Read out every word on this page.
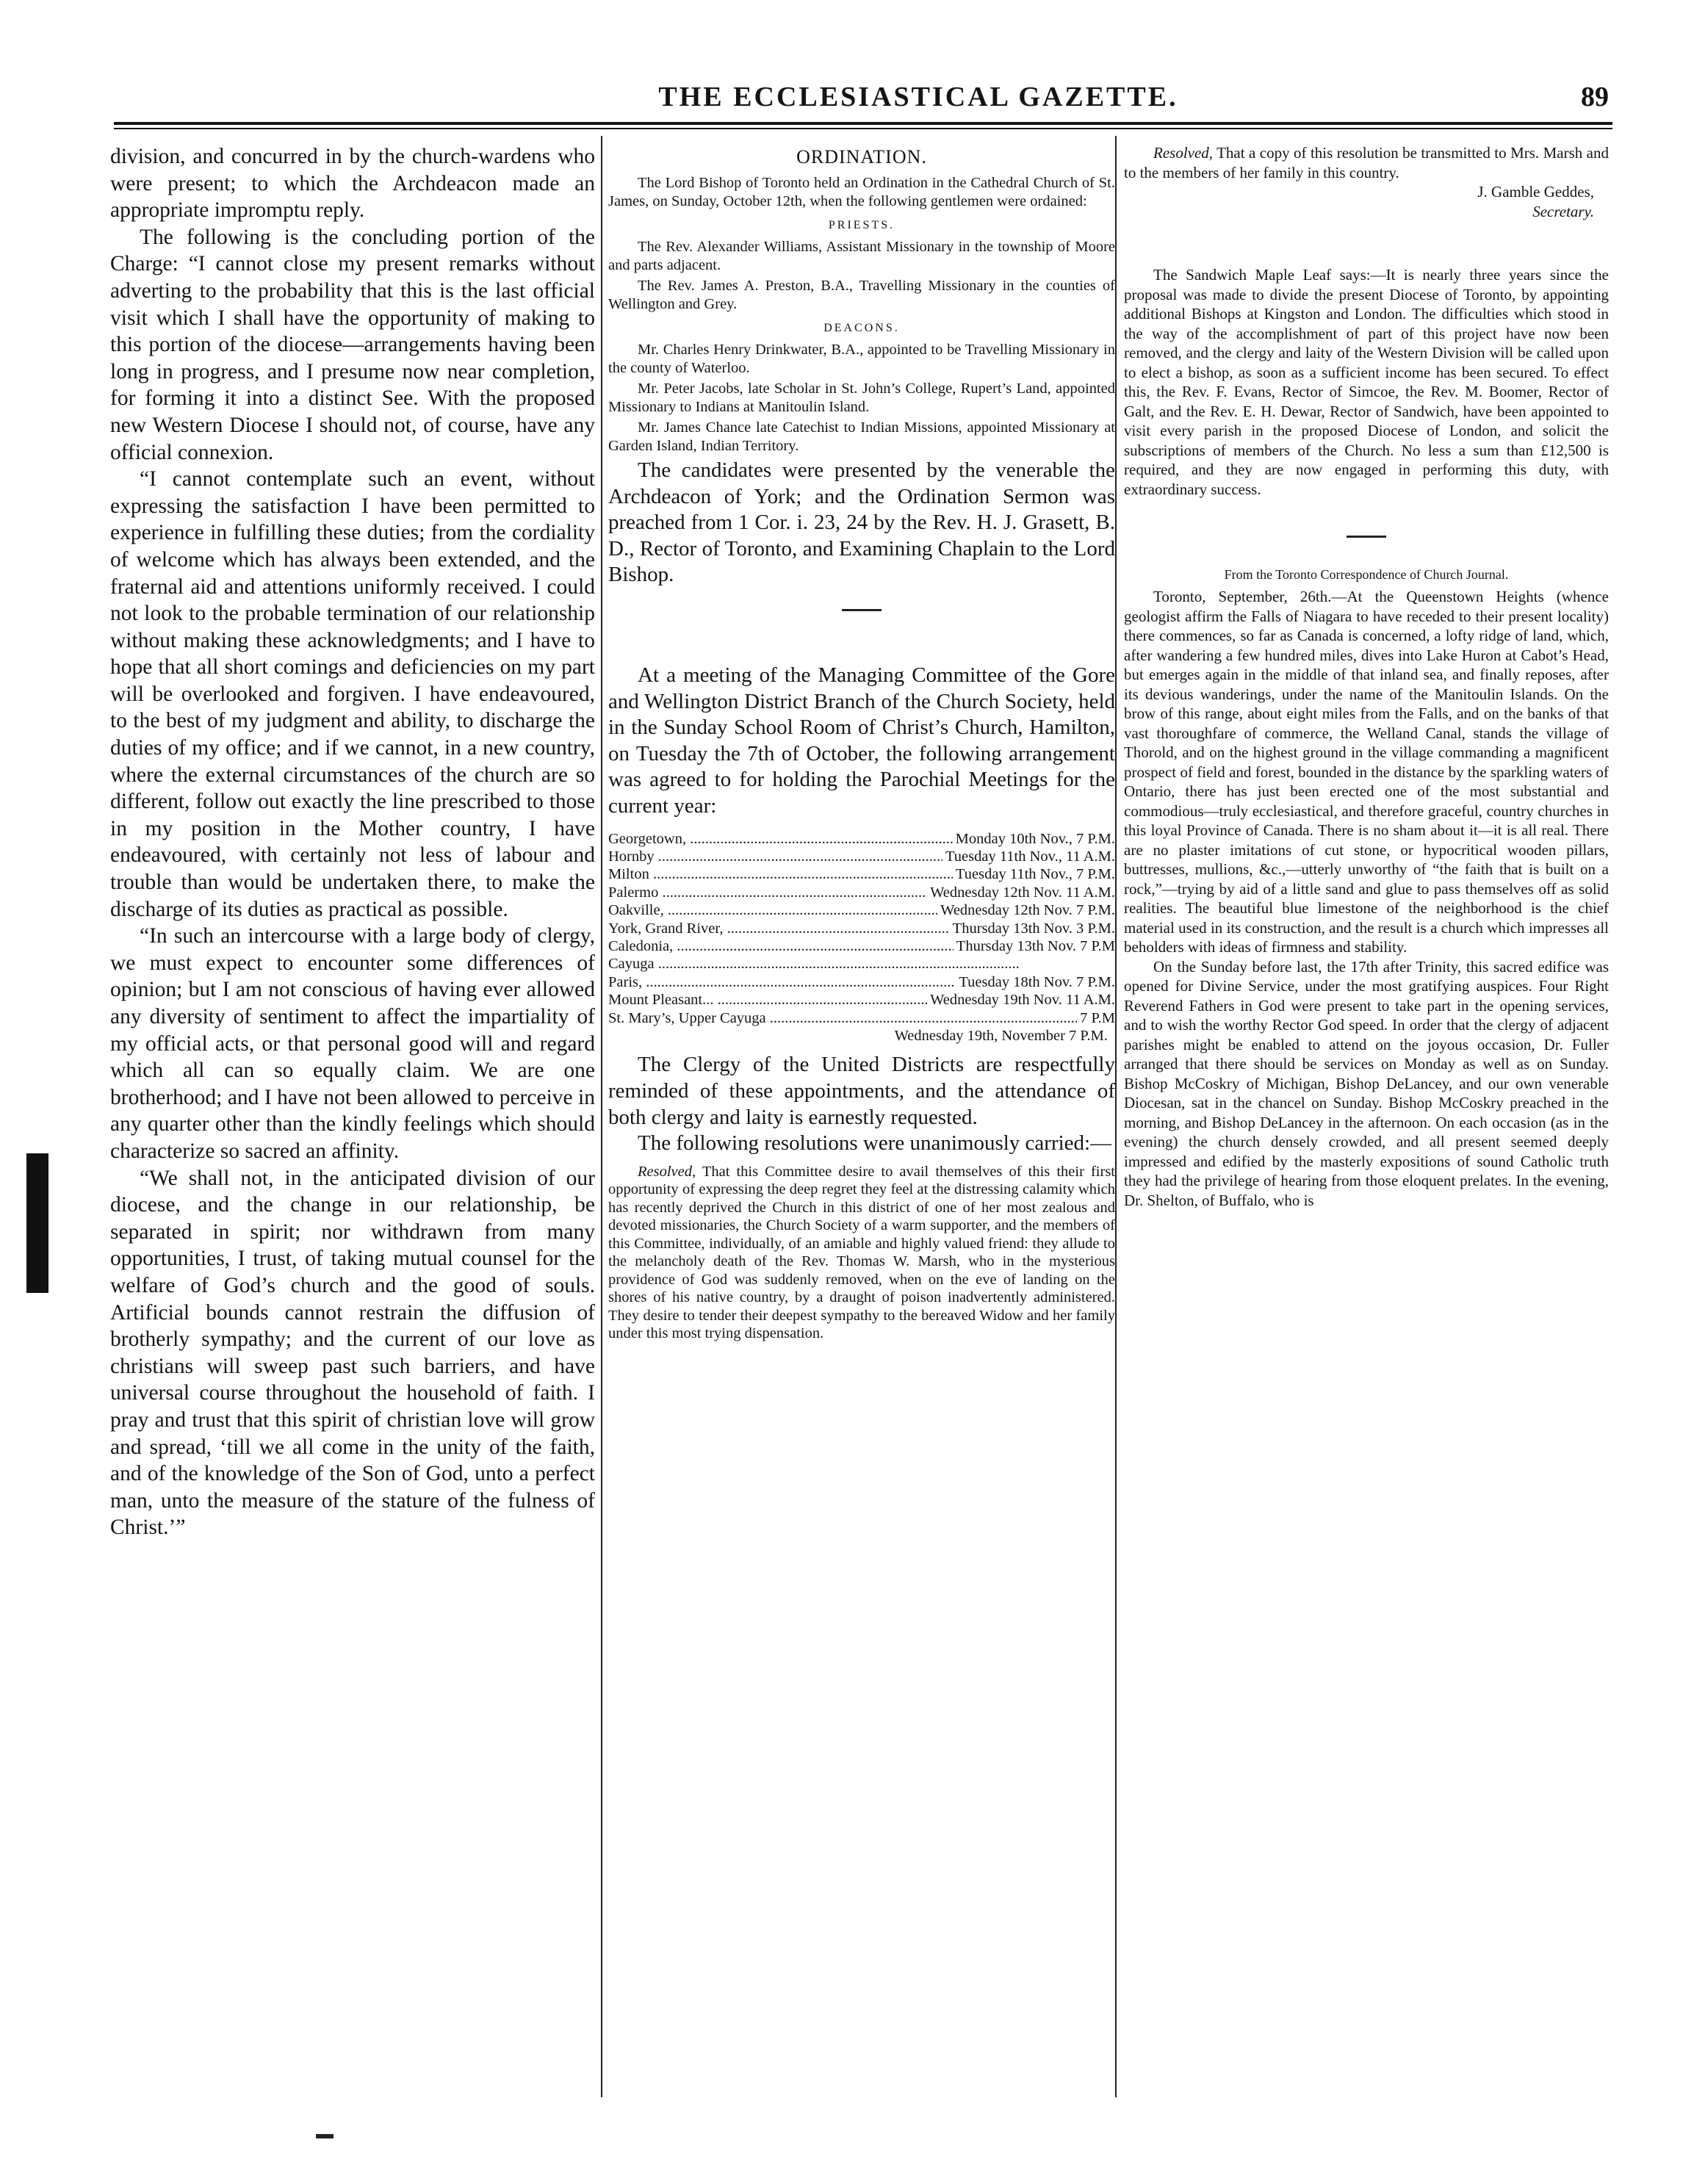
THE ECCLESIASTICAL GAZETTE.	89

division, and concurred in by the church-wardens who were present; to which the Archdeacon made an appropriate impromptu reply.

The following is the concluding portion of the Charge: “I cannot close my present remarks without adverting to the probability that this is the last official visit which I shall have the opportunity of making to this portion of the diocese—arrangements having been long in progress, and I presume now near completion, for forming it into a distinct See. With the proposed new Western Diocese I should not, of course, have any official connexion.

“I cannot contemplate such an event, without expressing the satisfaction I have been permitted to experience in fulfilling these duties; from the cordiality of welcome which has always been extended, and the fraternal aid and attentions uniformly received. I could not look to the probable termination of our relationship without making these acknowledgments; and I have to hope that all short comings and deficiencies on my part will be overlooked and forgiven. I have endeavoured, to the best of my judgment and ability, to discharge the duties of my office; and if we cannot, in a new country, where the external circumstances of the church are so different, follow out exactly the line prescribed to those in my position in the Mother country, I have endeavoured, with certainly not less of labour and trouble than would be undertaken there, to make the discharge of its duties as practical as possible.

“In such an intercourse with a large body of clergy, we must expect to encounter some differences of opinion; but I am not conscious of having ever allowed any diversity of sentiment to affect the impartiality of my official acts, or that personal good will and regard which all can so equally claim. We are one brotherhood; and I have not been allowed to perceive in any quarter other than the kindly feelings which should characterize so sacred an affinity.

“We shall not, in the anticipated division of our diocese, and the change in our relationship, be separated in spirit; nor withdrawn from many opportunities, I trust, of taking mutual counsel for the welfare of God’s church and the good of souls. Artificial bounds cannot restrain the diffusion of brotherly sympathy; and the current of our love as christians will sweep past such barriers, and have universal course throughout the household of faith. I pray and trust that this spirit of christian love will grow and spread, ‘till we all come in the unity of the faith, and of the knowledge of the Son of God, unto a perfect man, unto the measure of the stature of the fulness of Christ.’”

ORDINATION.

The Lord Bishop of Toronto held an Ordination in the Cathedral Church of St. James, on Sunday, October 12th, when the following gentlemen were ordained:

PRIESTS.

The Rev. Alexander Williams, Assistant Missionary in the township of Moore and parts adjacent.

The Rev. James A. Preston, B.A., Travelling Missionary in the counties of Wellington and Grey.

DEACONS.

Mr. Charles Henry Drinkwater, B.A., appointed to be Travelling Missionary in the county of Waterloo.

Mr. Peter Jacobs, late Scholar in St. John’s College, Rupert’s Land, appointed Missionary to Indians at Manitoulin Island.

Mr. James Chance late Catechist to Indian Missions, appointed Missionary at Garden Island, Indian Territory.

The candidates were presented by the venerable the Archdeacon of York; and the Ordination Sermon was preached from 1 Cor. i. 23, 24 by the Rev. H. J. Grasett, B. D., Rector of Toronto, and Examining Chaplain to the Lord Bishop.

At a meeting of the Managing Committee of the Gore and Wellington District Branch of the Church Society, held in the Sunday School Room of Christ’s Church, Hamilton, on Tuesday the 7th of October, the following arrangement was agreed to for holding the Parochial Meetings for the current year:

Georgetown, .....	Monday 10th Nov., 7 P.M.
Hornby .....	Tuesday 11th Nov., 11 A.M.
Milton .....	Tuesday 11th Nov., 7 P.M.
Palermo .....	Wednesday 12th Nov. 11 A.M.
Oakville, .....	Wednesday 12th Nov. 7 P.M.
York, Grand River, .....	Thursday 13th Nov. 3 P.M.
Caledonia, .....	Thursday 13th Nov. 7 P.M
Cayuga .....
Paris, .....	Tuesday 18th Nov. 7 P.M.
Mount Pleasant... .....	Wednesday 19th Nov. 11 A.M.
St. Mary’s, Upper Cayuga .....	7 P.M
Wednesday 19th, November 7 P.M.

The Clergy of the United Districts are respectfully reminded of these appointments, and the attendance of both clergy and laity is earnestly requested.

The following resolutions were unanimously carried:—

Resolved, That this Committee desire to avail themselves of this their first opportunity of expressing the deep regret they feel at the distressing calamity which has recently deprived the Church in this district of one of her most zealous and devoted missionaries, the Church Society of a warm supporter, and the members of this Committee, individually, of an amiable and highly valued friend: they allude to the melancholy death of the Rev. Thomas W. Marsh, who in the mysterious providence of God was suddenly removed, when on the eve of landing on the shores of his native country, by a draught of poison inadvertently administered. They desire to tender their deepest sympathy to the bereaved Widow and her family under this most trying dispensation.

Resolved, That a copy of this resolution be transmitted to Mrs. Marsh and to the members of her family in this country.

J. Gamble Geddes,
Secretary.

The Sandwich Maple Leaf says:—It is nearly three years since the proposal was made to divide the present Diocese of Toronto, by appointing additional Bishops at Kingston and London. The difficulties which stood in the way of the accomplishment of part of this project have now been removed, and the clergy and laity of the Western Division will be called upon to elect a bishop, as soon as a sufficient income has been secured. To effect this, the Rev. F. Evans, Rector of Simcoe, the Rev. M. Boomer, Rector of Galt, and the Rev. E. H. Dewar, Rector of Sandwich, have been appointed to visit every parish in the proposed Diocese of London, and solicit the subscriptions of members of the Church. No less a sum than £12,500 is required, and they are now engaged in performing this duty, with extraordinary success.

From the Toronto Correspondence of Church Journal.

Toronto, September, 26th.—At the Queenstown Heights (whence geologist affirm the Falls of Niagara to have receded to their present locality) there commences, so far as Canada is concerned, a lofty ridge of land, which, after wandering a few hundred miles, dives into Lake Huron at Cabot’s Head, but emerges again in the middle of that inland sea, and finally reposes, after its devious wanderings, under the name of the Manitoulin Islands. On the brow of this range, about eight miles from the Falls, and on the banks of that vast thoroughfare of commerce, the Welland Canal, stands the village of Thorold, and on the highest ground in the village commanding a magnificent prospect of field and forest, bounded in the distance by the sparkling waters of Ontario, there has just been erected one of the most substantial and commodious—truly ecclesiastical, and therefore graceful, country churches in this loyal Province of Canada. There is no sham about it—it is all real. There are no plaster imitations of cut stone, or hypocritical wooden pillars, buttresses, mullions, &c.,—utterly unworthy of “the faith that is built on a rock,”—trying by aid of a little sand and glue to pass themselves off as solid realities. The beautiful blue limestone of the neighborhood is the chief material used in its construction, and the result is a church which impresses all beholders with ideas of firmness and stability.

On the Sunday before last, the 17th after Trinity, this sacred edifice was opened for Divine Service, under the most gratifying auspices. Four Right Reverend Fathers in God were present to take part in the opening services, and to wish the worthy Rector God speed. In order that the clergy of adjacent parishes might be enabled to attend on the joyous occasion, Dr. Fuller arranged that there should be services on Monday as well as on Sunday. Bishop McCoskry of Michigan, Bishop DeLancey, and our own venerable Diocesan, sat in the chancel on Sunday. Bishop McCoskry preached in the morning, and Bishop DeLancey in the afternoon. On each occasion (as in the evening) the church densely crowded, and all present seemed deeply impressed and edified by the masterly expositions of sound Catholic truth they had the privilege of hearing from those eloquent prelates. In the evening, Dr. Shelton, of Buffalo, who is
